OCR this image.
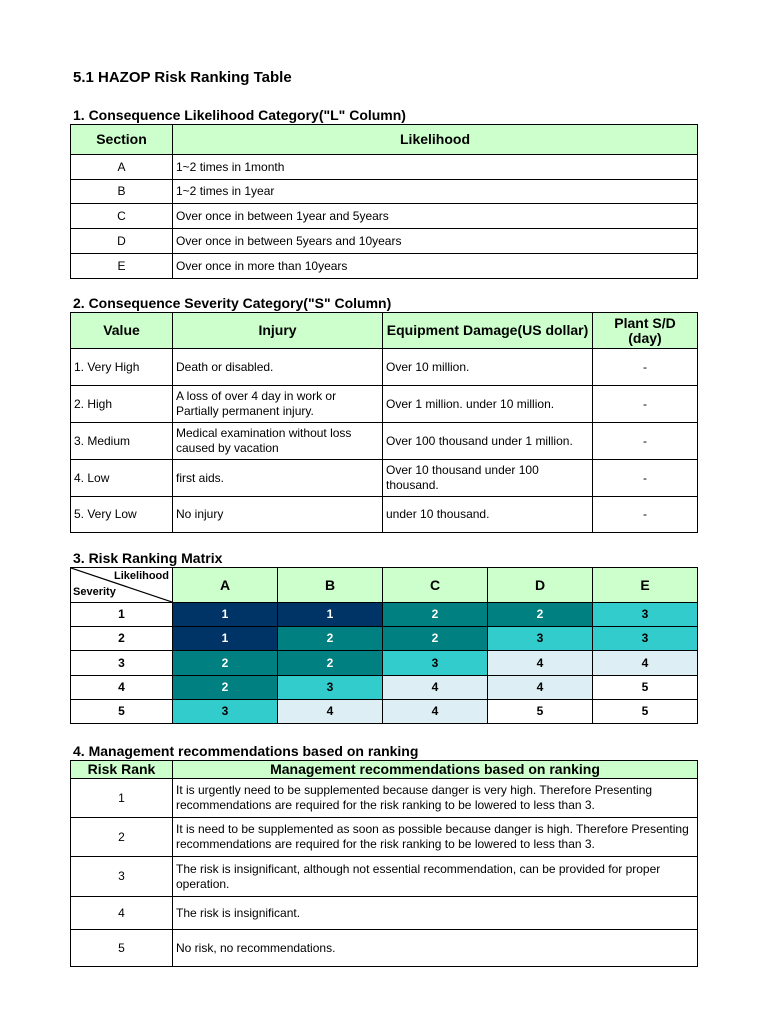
5.1 HAZOP Risk Ranking Table
1. Consequence Likelihood Category("L" Column)
Section	Likelihood
A	1~2 times in 1month
B	1~2 times in 1year
C	Over once in between 1year and 5years
D	Over once in between 5years and 10years
E	Over once in more than 10years
2. Consequence Severity Category("S" Column)
Value	Injury	Equipment Damage(US dollar)	Plant S/D (day)
1. Very High	Death or disabled.	Over 10 million.	-
2. High	A loss of over 4 day in work or Partially permanent injury.	Over 1 million. under 10 million.	-
3. Medium	Medical examination without loss caused by vacation	Over 100 thousand under 1 million.	-
4. Low	first aids.	Over 10 thousand under 100 thousand.	-
5. Very Low	No injury	under 10 thousand.	-
3. Risk Ranking Matrix
Likelihood
Severity	A	B	C	D	E
1	1	1	2	2	3
2	1	2	2	3	3
3	2	2	3	4	4
4	2	3	4	4	5
5	3	4	4	5	5
4. Management recommendations based on ranking
Risk Rank	Management recommendations based on ranking
1	It is urgently need to be supplemented because danger is very high. Therefore Presenting recommendations are required for the risk ranking to be lowered to less than 3.
2	It is need to be supplemented as soon as possible because danger is high. Therefore Presenting recommendations are required for the risk ranking to be lowered to less than 3.
3	The risk is insignificant, although not essential recommendation, can be provided for proper operation.
4	The risk is insignificant.
5	No risk, no recommendations.
